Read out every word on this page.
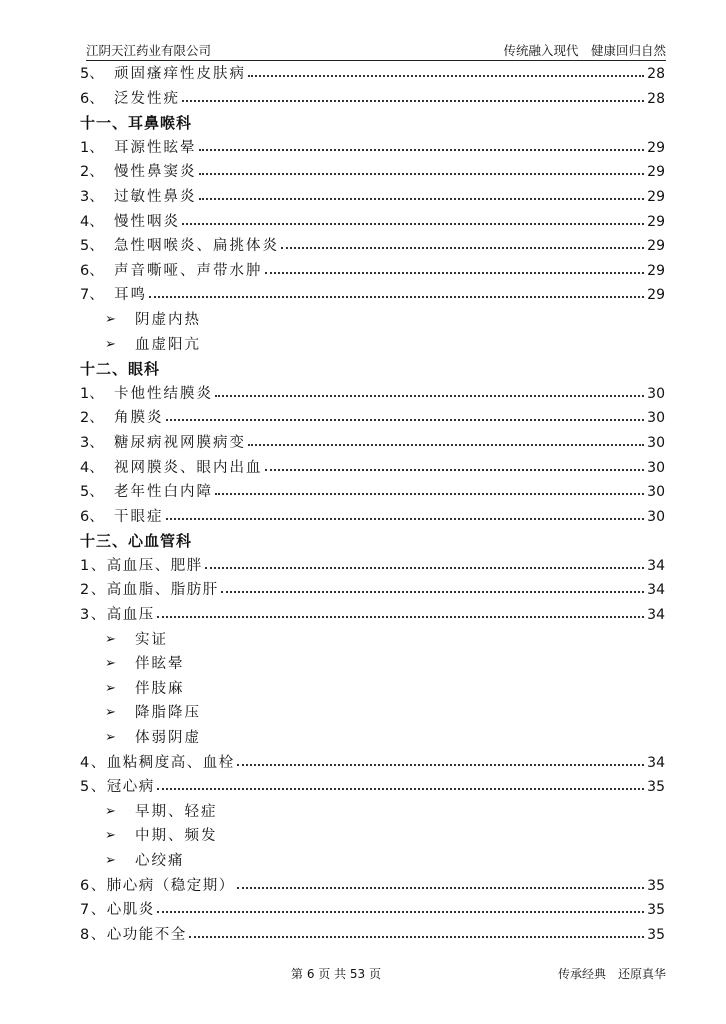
江阴天江药业有限公司	传统融入现代　健康回归自然
5、 顽固瘙痒性皮肤病	28
6、 泛发性疣	28
十一、耳鼻喉科
1、 耳源性眩晕	29
2、 慢性鼻窦炎	29
3、 过敏性鼻炎	29
4、 慢性咽炎	29
5、 急性咽喉炎、扁挑体炎	29
6、 声音嘶哑、声带水肿	29
7、 耳鸣	29
➢ 阴虚内热
➢ 血虚阳亢
十二、眼科
1、 卡他性结膜炎	30
2、 角膜炎	30
3、 糖尿病视网膜病变	30
4、 视网膜炎、眼内出血	30
5、 老年性白内障	30
6、 干眼症	30
十三、心血管科
1、高血压、肥胖	34
2、高血脂、脂肪肝	34
3、高血压	34
➢ 实证
➢ 伴眩晕
➢ 伴肢麻
➢ 降脂降压
➢ 体弱阴虚
4、血粘稠度高、血栓	34
5、冠心病	35
➢ 早期、轻症
➢ 中期、频发
➢ 心绞痛
6、肺心病（稳定期）	35
7、心肌炎	35
8、心功能不全	35
第 6 页 共 53 页	传承经典　还原真华
